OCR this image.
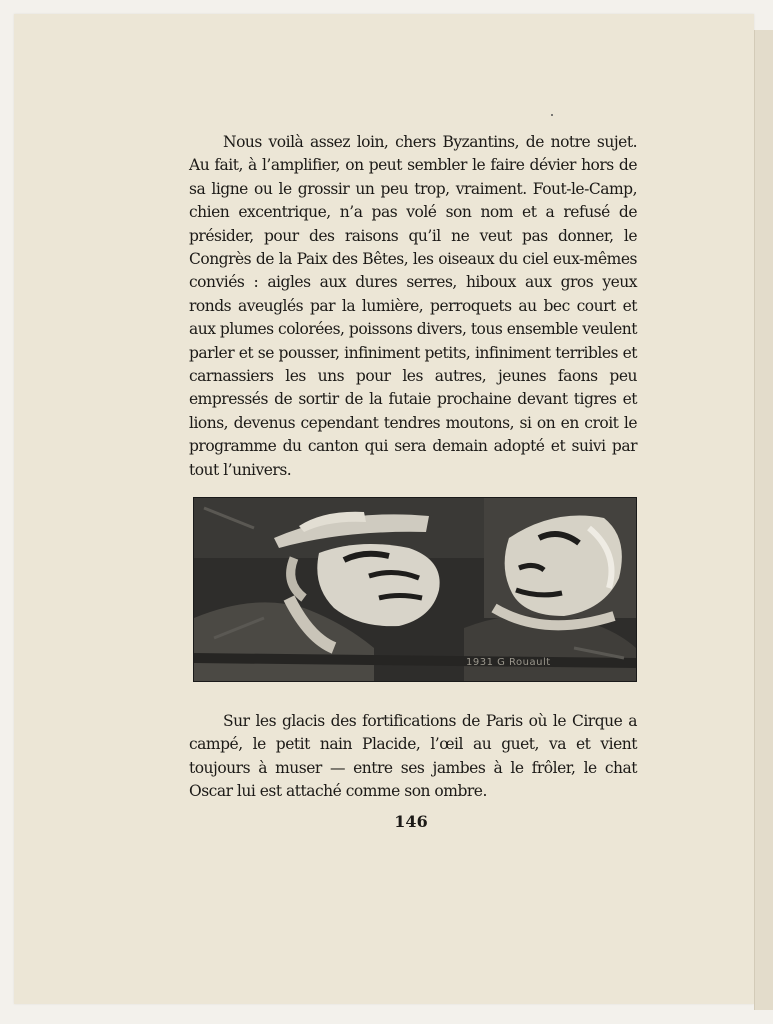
Nous voilà assez loin, chers Byzantins, de notre sujet. Au fait, à l’amplifier, on peut sembler le faire dévier hors de sa ligne ou le grossir un peu trop, vraiment. Fout-le-Camp, chien excentrique, n’a pas volé son nom et a refusé de présider, pour des raisons qu’il ne veut pas donner, le Congrès de la Paix des Bêtes, les oiseaux du ciel eux-mêmes conviés : aigles aux dures serres, hiboux aux gros yeux ronds aveuglés par la lumière, perroquets au bec court et aux plumes colorées, poissons divers, tous ensemble veulent parler et se pousser, infiniment petits, infiniment terribles et carnassiers les uns pour les autres, jeunes faons peu empressés de sortir de la futaie prochaine devant tigres et lions, devenus cependant tendres moutons, si on en croit le programme du canton qui sera demain adopté et suivi par tout l’univers.

1931 G Rouault

Sur les glacis des fortifications de Paris où le Cirque a campé, le petit nain Placide, l’œil au guet, va et vient toujours à muser — entre ses jambes à le frôler, le chat Oscar lui est attaché comme son ombre.

146
